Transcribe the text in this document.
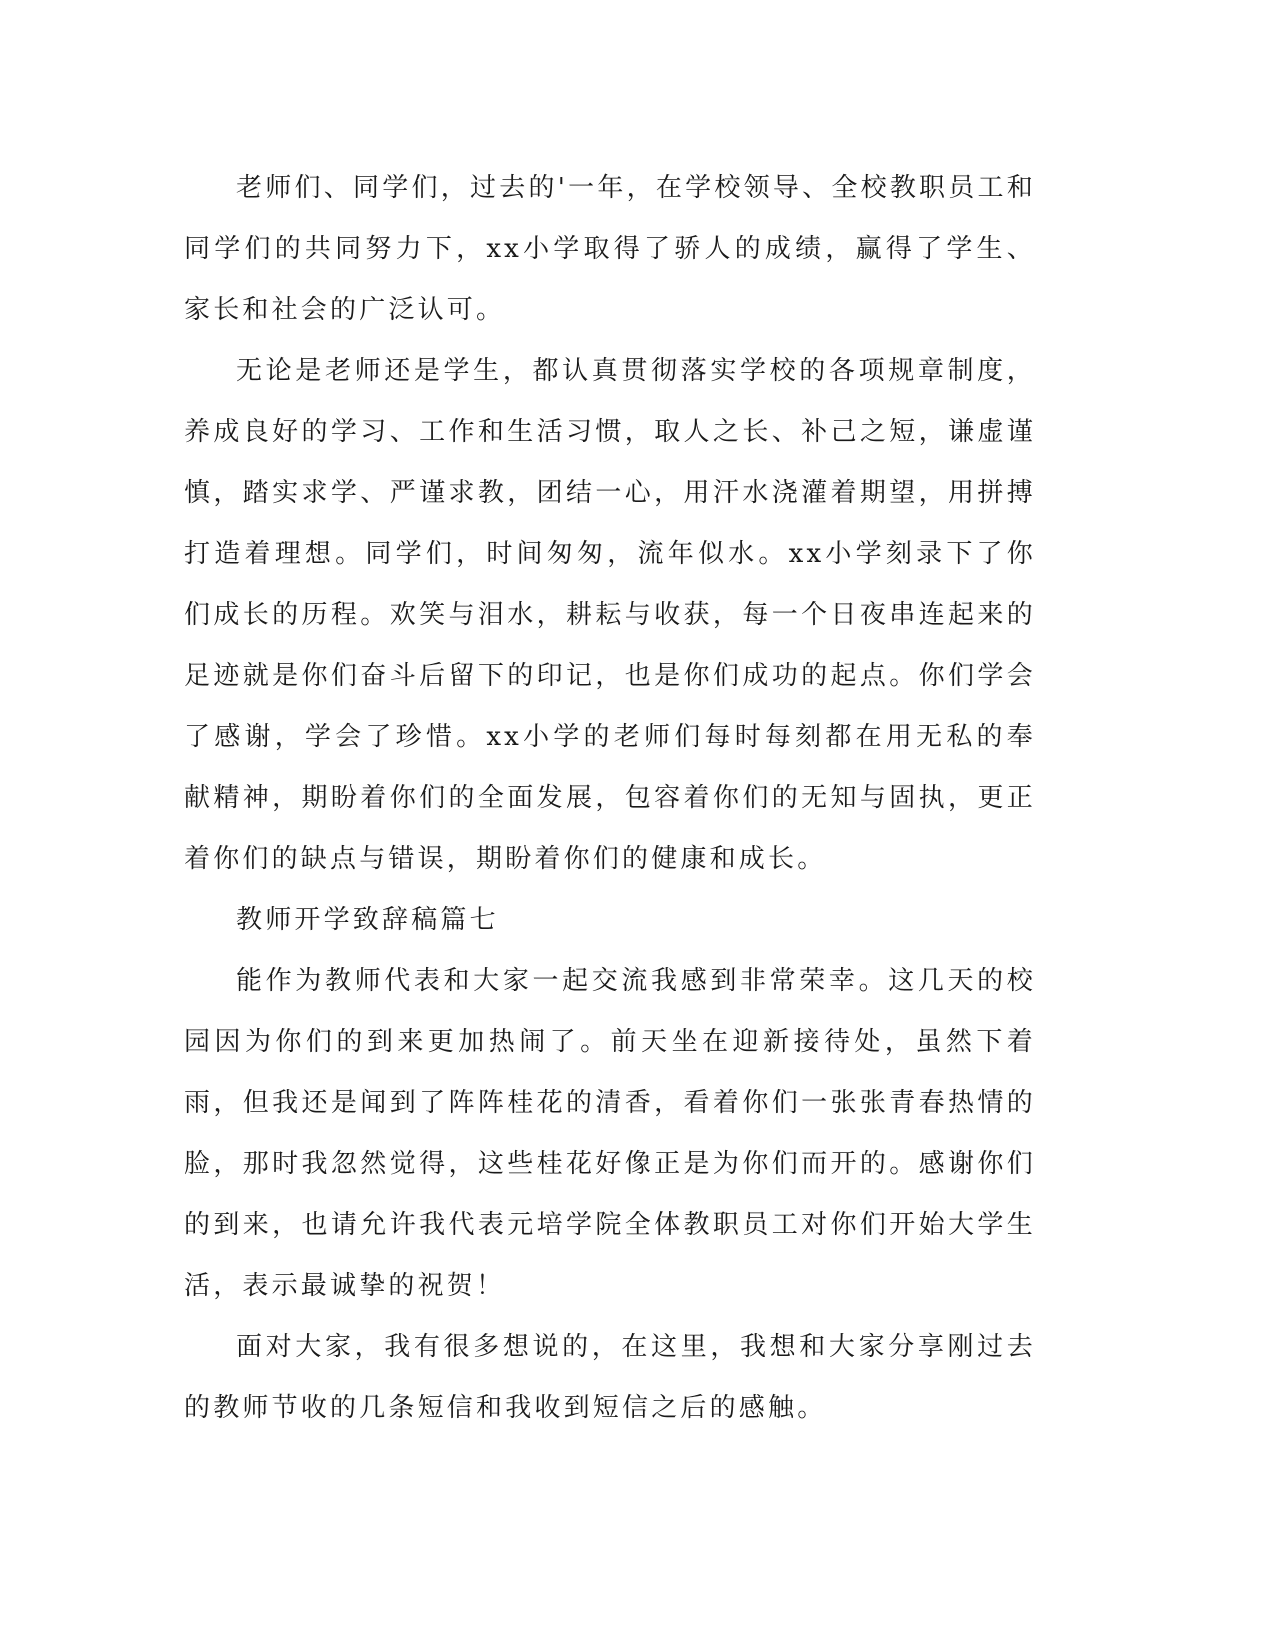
老师们、同学们，过去的'一年，在学校领导、全校教职员工和同学们的共同努力下，xx小学取得了骄人的成绩，赢得了学生、家长和社会的广泛认可。

无论是老师还是学生，都认真贯彻落实学校的各项规章制度，养成良好的学习、工作和生活习惯，取人之长、补己之短，谦虚谨慎，踏实求学、严谨求教，团结一心，用汗水浇灌着期望，用拼搏打造着理想。同学们，时间匆匆，流年似水。xx小学刻录下了你们成长的历程。欢笑与泪水，耕耘与收获，每一个日夜串连起来的足迹就是你们奋斗后留下的印记，也是你们成功的起点。你们学会了感谢，学会了珍惜。xx小学的老师们每时每刻都在用无私的奉献精神，期盼着你们的全面发展，包容着你们的无知与固执，更正着你们的缺点与错误，期盼着你们的健康和成长。

教师开学致辞稿篇七

能作为教师代表和大家一起交流我感到非常荣幸。这几天的校园因为你们的到来更加热闹了。前天坐在迎新接待处，虽然下着雨，但我还是闻到了阵阵桂花的清香，看着你们一张张青春热情的脸，那时我忽然觉得，这些桂花好像正是为你们而开的。感谢你们的到来，也请允许我代表元培学院全体教职员工对你们开始大学生活，表示最诚挚的祝贺！

面对大家，我有很多想说的，在这里，我想和大家分享刚过去的教师节收的几条短信和我收到短信之后的感触。
